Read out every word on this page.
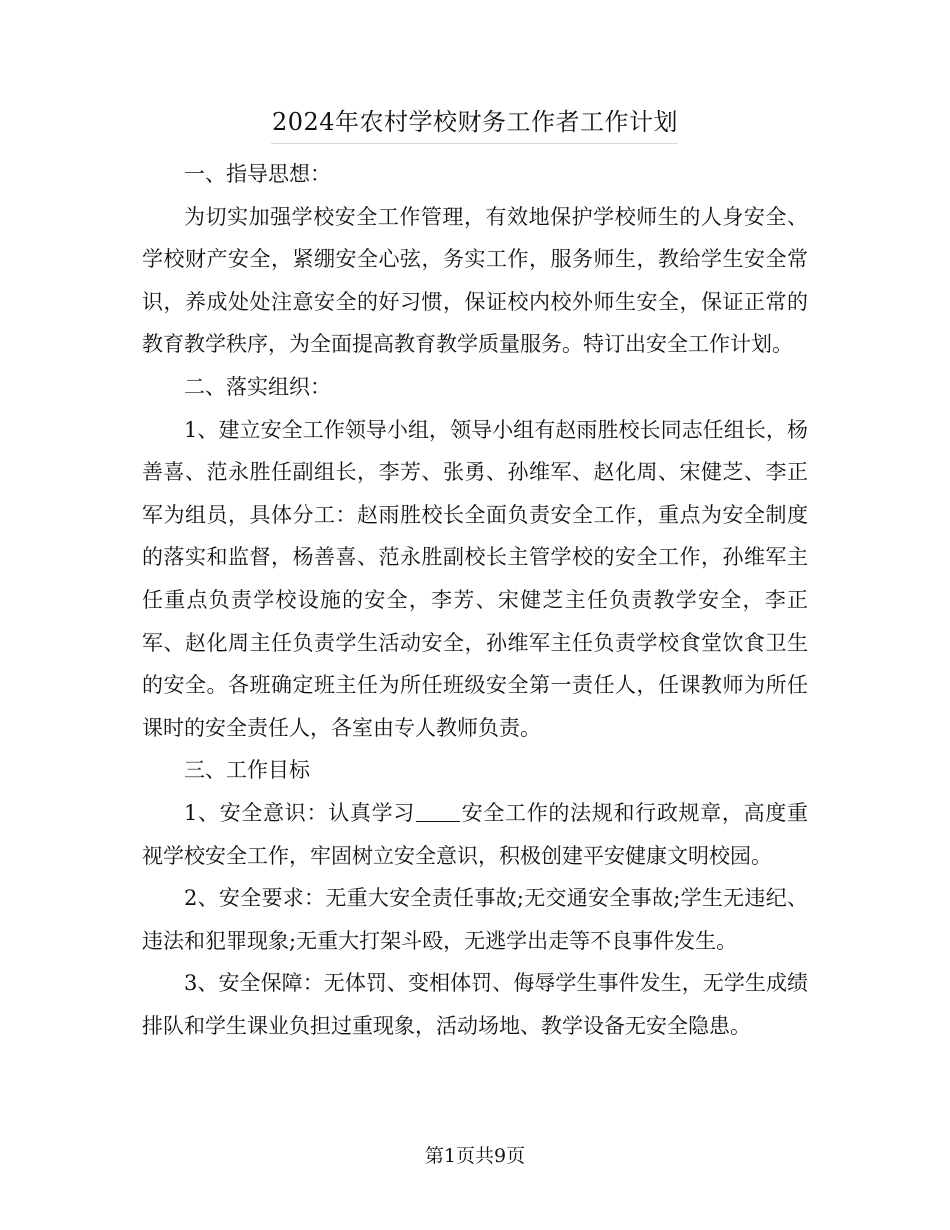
2024年农村学校财务工作者工作计划

一、指导思想：

为切实加强学校安全工作管理，有效地保护学校师生的人身安全、学校财产安全，紧绷安全心弦，务实工作，服务师生，教给学生安全常识，养成处处注意安全的好习惯，保证校内校外师生安全，保证正常的教育教学秩序，为全面提高教育教学质量服务。特订出安全工作计划。

二、落实组织：

1、建立安全工作领导小组，领导小组有赵雨胜校长同志任组长，杨善喜、范永胜任副组长，李芳、张勇、孙维军、赵化周、宋健芝、李正军为组员，具体分工：赵雨胜校长全面负责安全工作，重点为安全制度的落实和监督，杨善喜、范永胜副校长主管学校的安全工作，孙维军主任重点负责学校设施的安全，李芳、宋健芝主任负责教学安全，李正军、赵化周主任负责学生活动安全，孙维军主任负责学校食堂饮食卫生的安全。各班确定班主任为所任班级安全第一责任人，任课教师为所任课时的安全责任人，各室由专人教师负责。

三、工作目标

1、安全意识：认真学习 安全工作的法规和行政规章，高度重视学校安全工作，牢固树立安全意识，积极创建平安健康文明校园。

2、安全要求：无重大安全责任事故;无交通安全事故;学生无违纪、违法和犯罪现象;无重大打架斗殴，无逃学出走等不良事件发生。

3、安全保障：无体罚、变相体罚、侮辱学生事件发生，无学生成绩排队和学生课业负担过重现象，活动场地、教学设备无安全隐患。

第1页共9页
